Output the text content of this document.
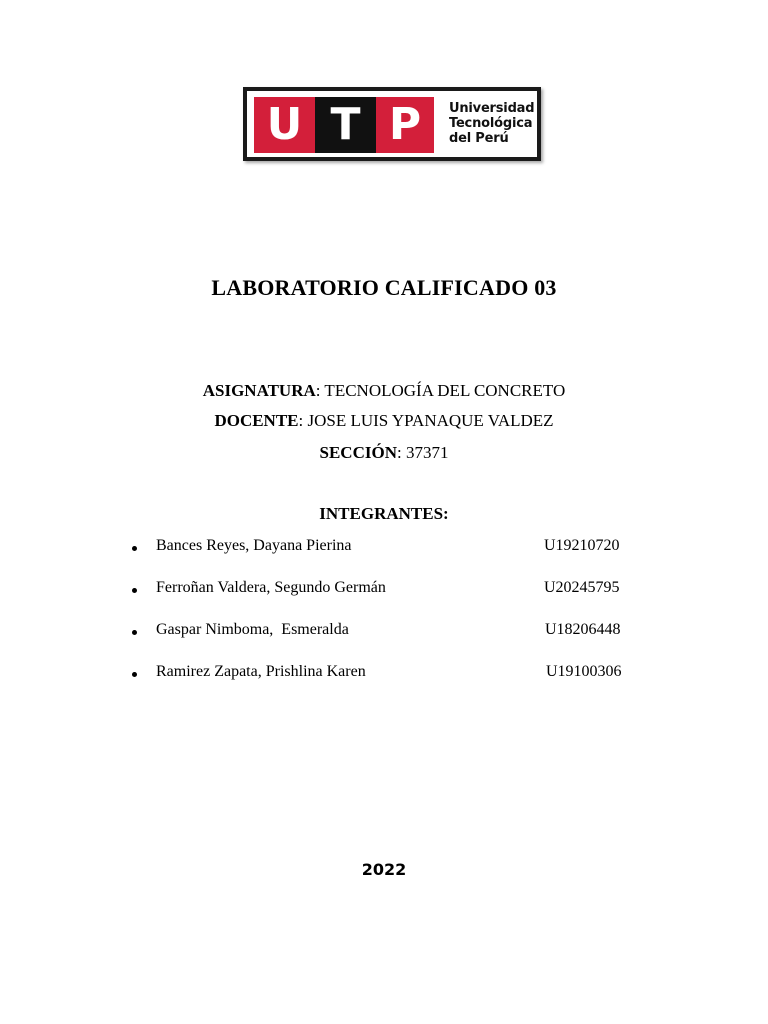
U T P	Universidad
Tecnológica
del Perú
LABORATORIO CALIFICADO 03
ASIGNATURA: TECNOLOGÍA DEL CONCRETO
DOCENTE: JOSE LUIS YPANAQUE VALDEZ
SECCIÓN: 37371
INTEGRANTES:
Bances Reyes, Dayana Pierina	U19210720
Ferroñan Valdera, Segundo Germán	U20245795
Gaspar Nimboma,  Esmeralda	U18206448
Ramirez Zapata, Prishlina Karen	U19100306
2022
